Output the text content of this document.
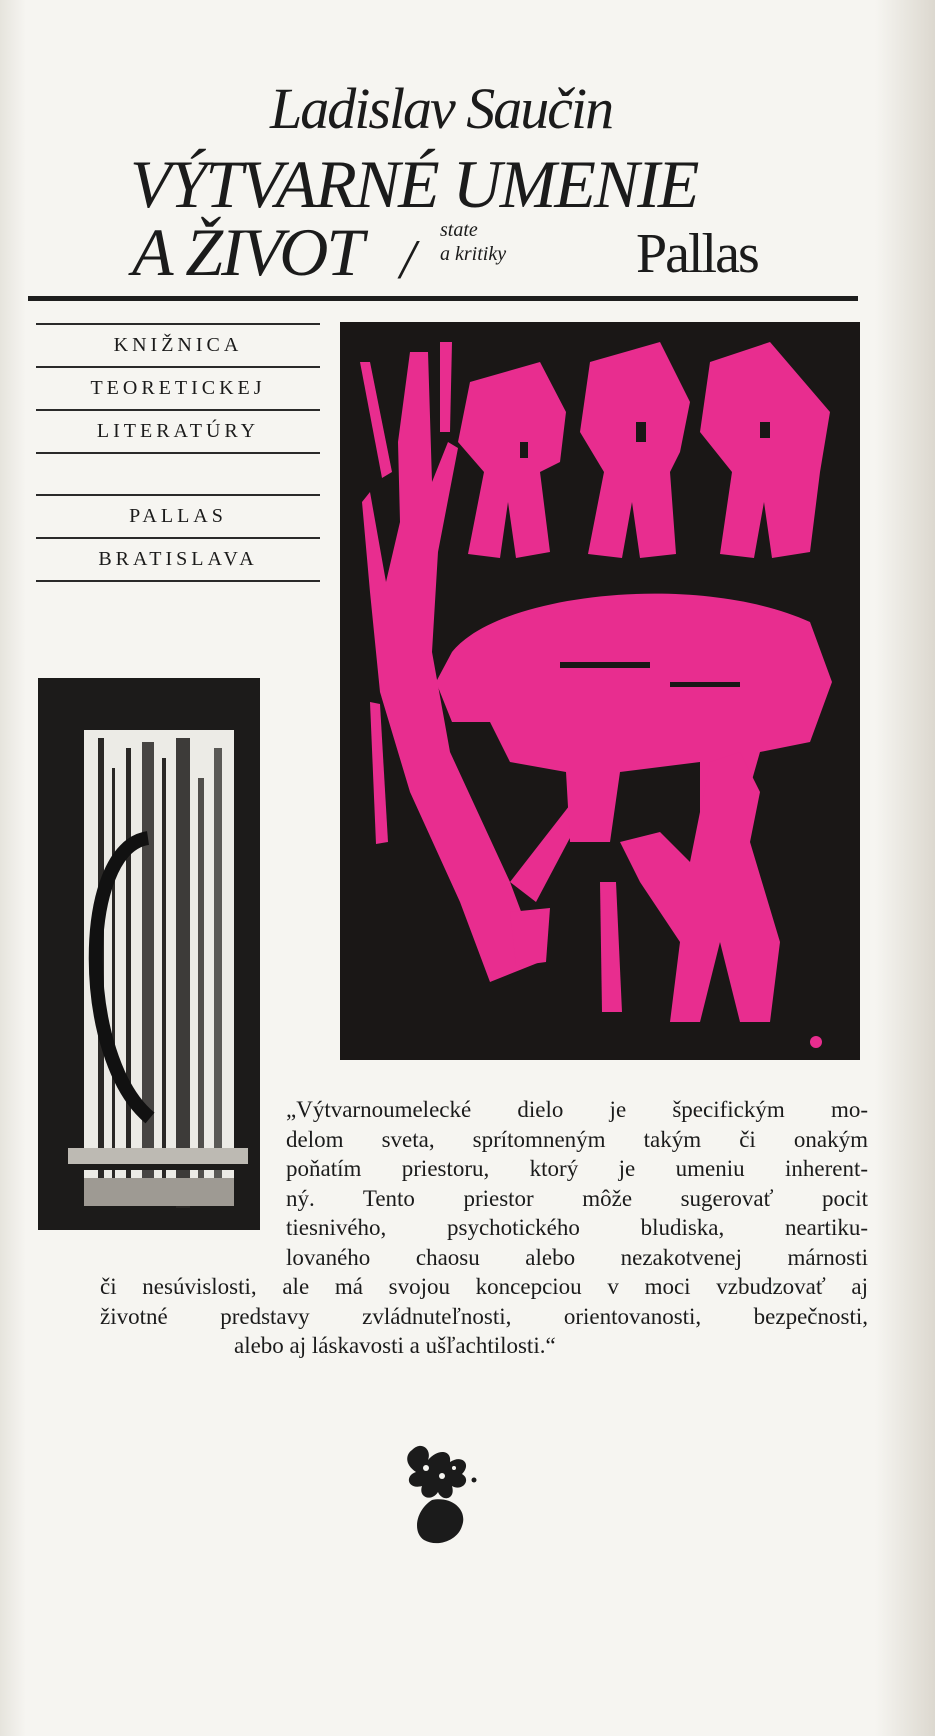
Ladislav Saučin
VÝTVARNÉ UMENIE
A ŽIVOT / state
a kritiky Pallas
KNIŽNICA
TEORETICKEJ
LITERATÚRY
PALLAS
BRATISLAVA
„Výtvarnoumelecké dielo je špecifickým mo-
delom sveta, sprítomneným takým či onakým
poňatím priestoru, ktorý je umeniu inherent-
ný. Tento priestor môže sugerovať pocit
tiesnivého, psychotického bludiska, neartiku-
lovaného chaosu alebo nezakotvenej márnosti
či nesúvislosti, ale má svojou koncepciou v moci vzbudzovať aj
životné predstavy zvládnuteľnosti, orientovanosti, bezpečnosti,
alebo aj láskavosti a ušľachtilosti.“
